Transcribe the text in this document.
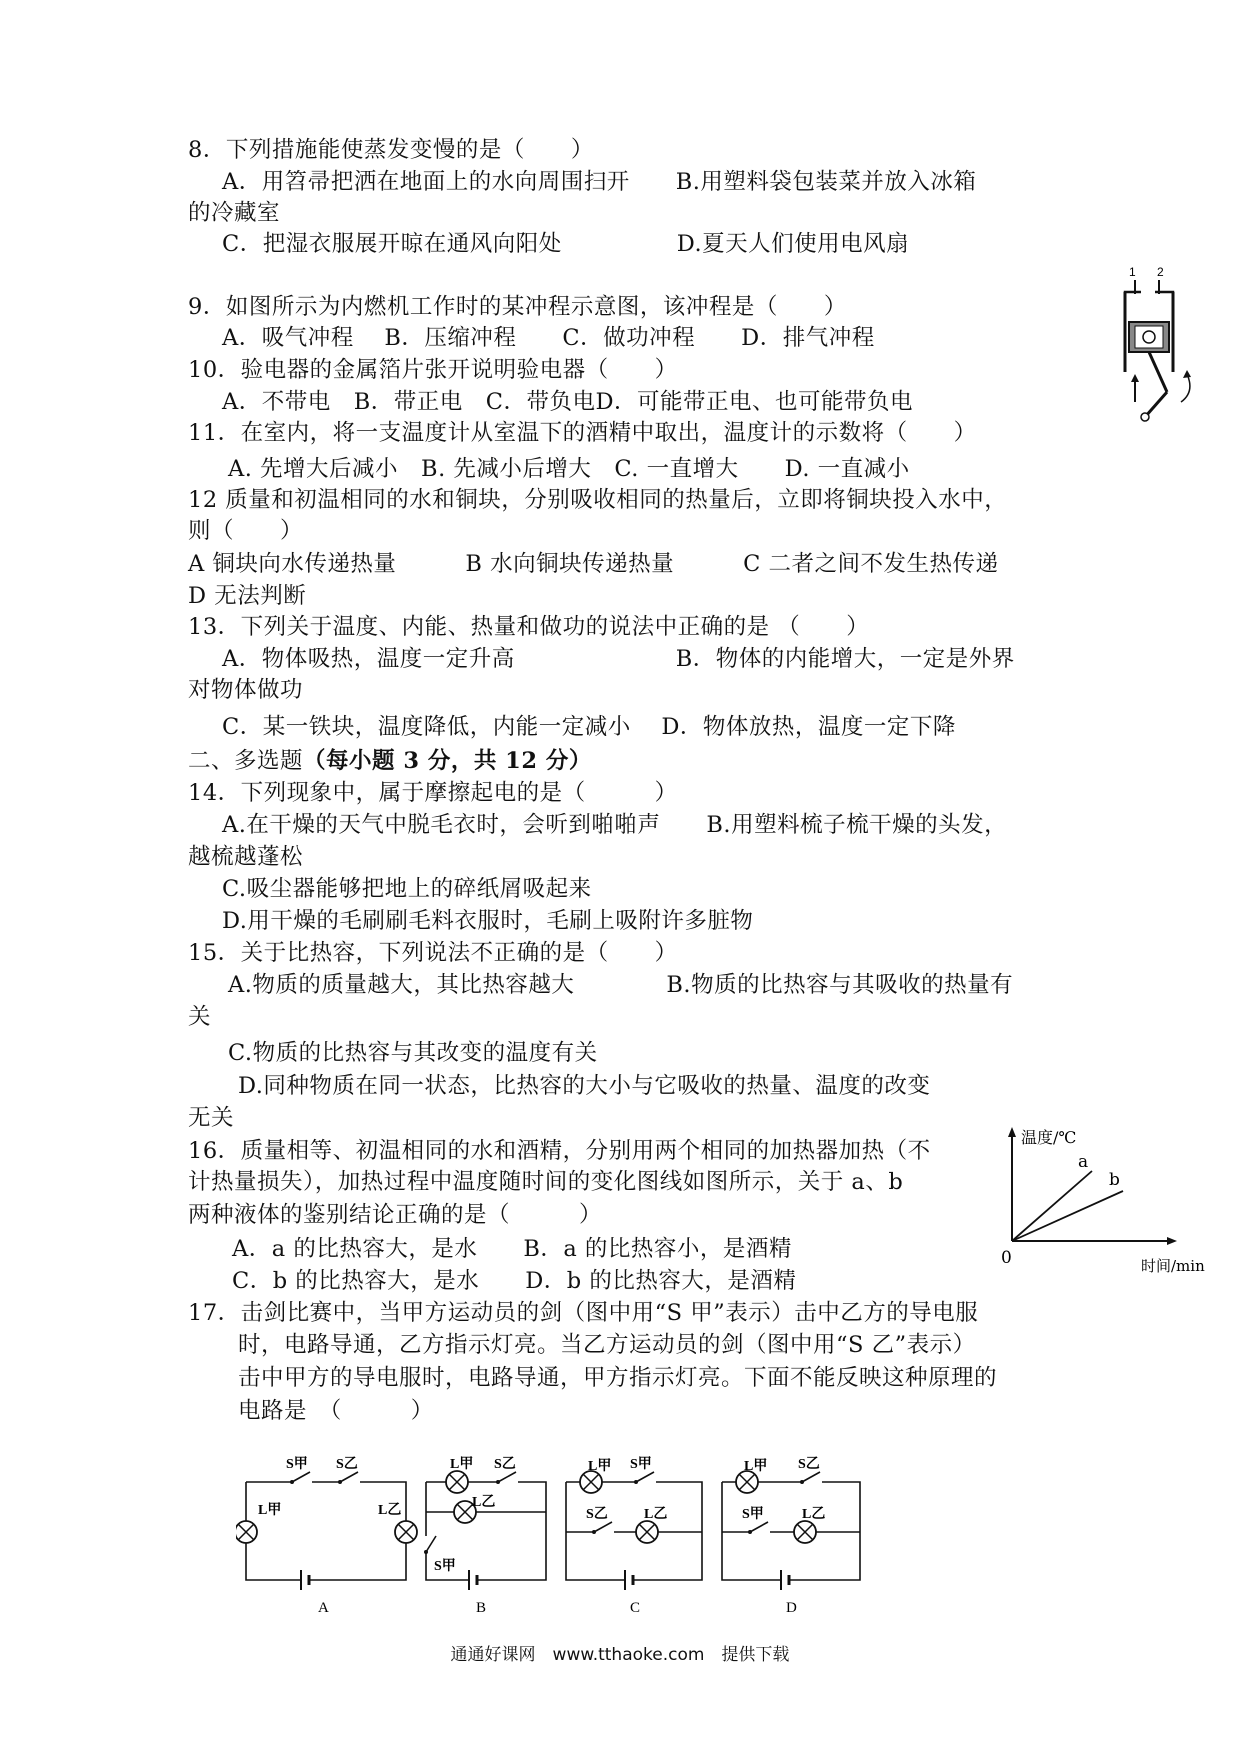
8．下列措施能使蒸发变慢的是（　　）
A．用笤帚把洒在地面上的水向周围扫开　　B.用塑料袋包装菜并放入冰箱
的冷藏室
C．把湿衣服展开晾在通风向阳处　　　　　D.夏天人们使用电风扇
9．如图所示为内燃机工作时的某冲程示意图，该冲程是（　　）
A．吸气冲程　 B．压缩冲程　　C．做功冲程　　D．排气冲程
10．验电器的金属箔片张开说明验电器（　　）
A．不带电　B．带正电　C．带负电D．可能带正电、也可能带负电
11．在室内，将一支温度计从室温下的酒精中取出，温度计的示数将（　　）
A. 先增大后减小　B. 先减小后增大　C. 一直增大　　D. 一直减小
12 质量和初温相同的水和铜块，分别吸收相同的热量后，立即将铜块投入水中，
则（　　）
A 铜块向水传递热量　　　B 水向铜块传递热量　　　C 二者之间不发生热传递
D 无法判断
13．下列关于温度、内能、热量和做功的说法中正确的是 （　　）
A．物体吸热，温度一定升高　　　　　　　B．物体的内能增大，一定是外界
对物体做功
C．某一铁块，温度降低，内能一定减小　 D．物体放热，温度一定下降
二、多选题（每小题 3 分，共 12 分）
14．下列现象中，属于摩擦起电的是（　　　）
A.在干燥的天气中脱毛衣时，会听到啪啪声　　B.用塑料梳子梳干燥的头发，
越梳越蓬松
C.吸尘器能够把地上的碎纸屑吸起来
D.用干燥的毛刷刷毛料衣服时，毛刷上吸附许多脏物
15．关于比热容，下列说法不正确的是（　　）
A.物质的质量越大，其比热容越大　　　　B.物质的比热容与其吸收的热量有
关
C.物质的比热容与其改变的温度有关
D.同种物质在同一状态，比热容的大小与它吸收的热量、温度的改变
无关
16．质量相等、初温相同的水和酒精，分别用两个相同的加热器加热（不
计热量损失），加热过程中温度随时间的变化图线如图所示，关于 a、b
两种液体的鉴别结论正确的是（　　　）
A．a 的比热容大，是水　　B．a 的比热容小，是酒精
C．b 的比热容大，是水　　D．b 的比热容大，是酒精
17．击剑比赛中，当甲方运动员的剑（图中用“S 甲”表示）击中乙方的导电服
时，电路导通，乙方指示灯亮。当乙方运动员的剑（图中用“S 乙”表示）
击中甲方的导电服时，电路导通，甲方指示灯亮。下面不能反映这种原理的
电路是　（　　　）
1 2
温度/℃
时间/min
0
a
b
S甲 S乙
L甲	L乙
A
L甲 S乙
L乙
S甲
B
L甲 S甲
S乙	L乙
C
L甲 S乙
S甲	L乙
D
通通好课网　www.tthaoke.com　提供下载
